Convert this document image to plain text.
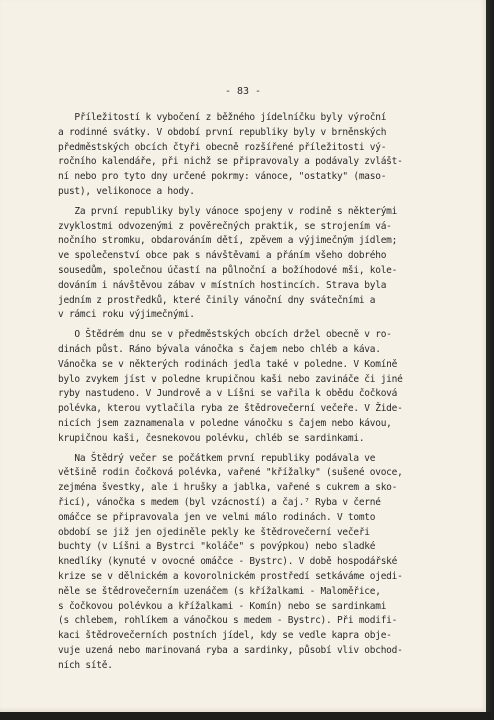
- 83 -
Příležitostí k vybočení z běžného jídelníčku byly výroční
a rodinné svátky. V období první republiky byly v brněnských
předměstských obcích čtyři obecně rozšířené příležitosti vý-
ročního kalendáře, při nichž se připravovaly a podávaly zvlášt-
ní nebo pro tyto dny určené pokrmy: vánoce, "ostatky" (maso-
pust), velikonoce a hody.
Za první republiky byly vánoce spojeny v rodině s některými
zvyklostmi odvozenými z pověrečných praktik, se strojením vá-
nočního stromku, obdarováním dětí, zpěvem a výjimečným jídlem;
ve společenství obce pak s návštěvami a přáním všeho dobrého
sousedům, společnou účastí na půlnoční a božíhodové mši, kole-
dováním i návštěvou zábav v místních hostincích. Strava byla
jedním z prostředků, které činily vánoční dny svátečními a
v rámci roku výjimečnými.
O Štědrém dnu se v předměstských obcích držel obecně v ro-
dinách půst. Ráno bývala vánočka s čajem nebo chléb a káva.
Vánočka se v některých rodinách jedla také v poledne. V Komíně
bylo zvykem jíst v poledne krupičnou kaši nebo zavináče či jiné
ryby nastudeno. V Jundrově a v Líšni se vařila k obědu čočková
polévka, kterou vytlačila ryba ze štědrovečerní večeře. V Žide-
nicích jsem zaznamenala v poledne vánočku s čajem nebo kávou,
krupičnou kaši, česnekovou polévku, chléb se sardinkami.
Na Štědrý večer se počátkem první republiky podávala ve
většině rodin čočková polévka, vařené "křížalky" (sušené ovoce,
zejména švestky, ale i hrušky a jablka, vařené s cukrem a sko-
řicí), vánočka s medem (byl vzácností) a čaj.⁷ Ryba v černé
omáčce se připravovala jen ve velmi málo rodinách. V tomto
období se již jen ojediněle pekly ke štědrovečerní večeři
buchty (v Líšni a Bystrci "koláče" s povýpkou) nebo sladké
knedlíky (kynuté v ovocné omáčce - Bystrc). V době hospodářské
krize se v dělnickém a kovorolnickém prostředí setkáváme ojedi-
něle se štědrovečerním uzenáčem (s křížalkami - Maloměřice,
s čočkovou polévkou a křížalkami - Komín) nebo se sardinkami
(s chlebem, rohlíkem a vánočkou s medem - Bystrc). Při modifi-
kaci štědrovečerních postních jídel, kdy se vedle kapra obje-
vuje uzená nebo marinovaná ryba a sardinky, působí vliv obchod-
ních sítě.
